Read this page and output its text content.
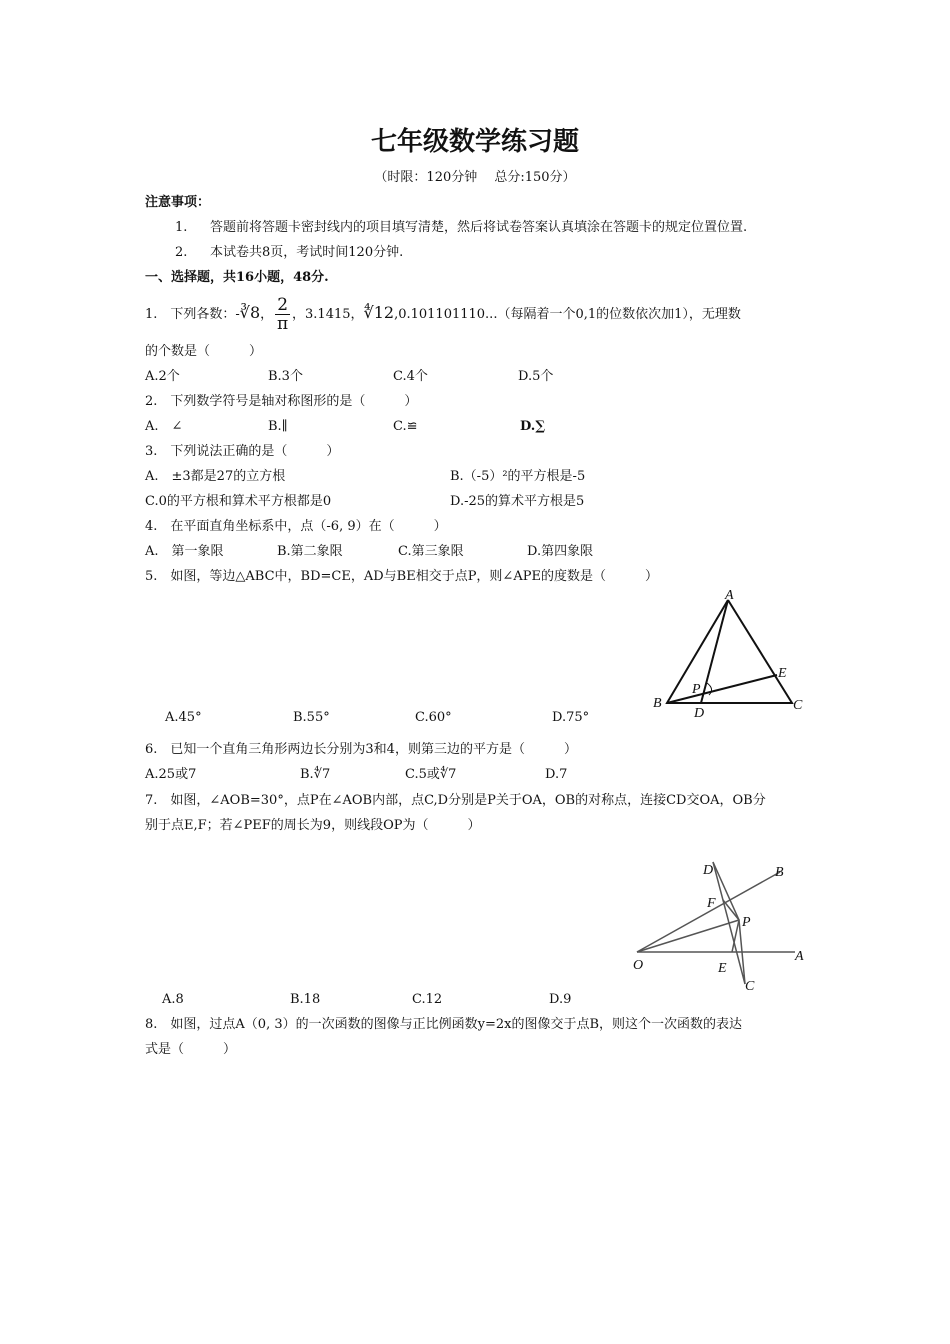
七年级数学练习题
（时限：120分钟　 总分:150分）
注意事项：
1. 答题前将答题卡密封线内的项目填写清楚，然后将试卷答案认真填涂在答题卡的规定位置位置.
2. 本试卷共8页，考试时间120分钟.
一、选择题，共16小题，48分.
1.　下列各数：-∛8， $\frac{2}{\pi}$ ，3.1415，∜12,0.101101110...（每隔着一个0,1的位数依次加1），无理数
的个数是（　　　）
A.2个	B.3个	C.4个	D.5个
2.　下列数学符号是轴对称图形的是（　　　）
A.　∠	B.∥	C.≌	D.∑
3.　下列说法正确的是（　　　）
A.　±3都是27的立方根	B.（-5）²的平方根是-5
C.0的平方根和算术平方根都是0	D.-25的算术平方根是5
4.　在平面直角坐标系中，点（-6, 9）在（　　　）
A.　第一象限	B.第二象限	C.第三象限	D.第四象限
5.　如图，等边△ABC中，BD=CE，AD与BE相交于点P，则∠APE的度数是（　　　）
A
B	C
D
E
P
A.45°	B.55°	C.60°	D.75°
6.　已知一个直角三角形两边长分别为3和4，则第三边的平方是（　　　）
A.25或7	B.∜7	C.5或∜7	D.7
7.　如图，∠AOB=30°，点P在∠AOB内部，点C,D分别是P关于OA，OB的对称点，连接CD交OA，OB分
别于点E,F；若∠PEF的周长为9，则线段OP为（　　　）
O
A
B
C
D
E
F
P
A.8	B.18	C.12	D.9
8.　如图，过点A（0, 3）的一次函数的图像与正比例函数y=2x的图像交于点B，则这个一次函数的表达
式是（　　　）
